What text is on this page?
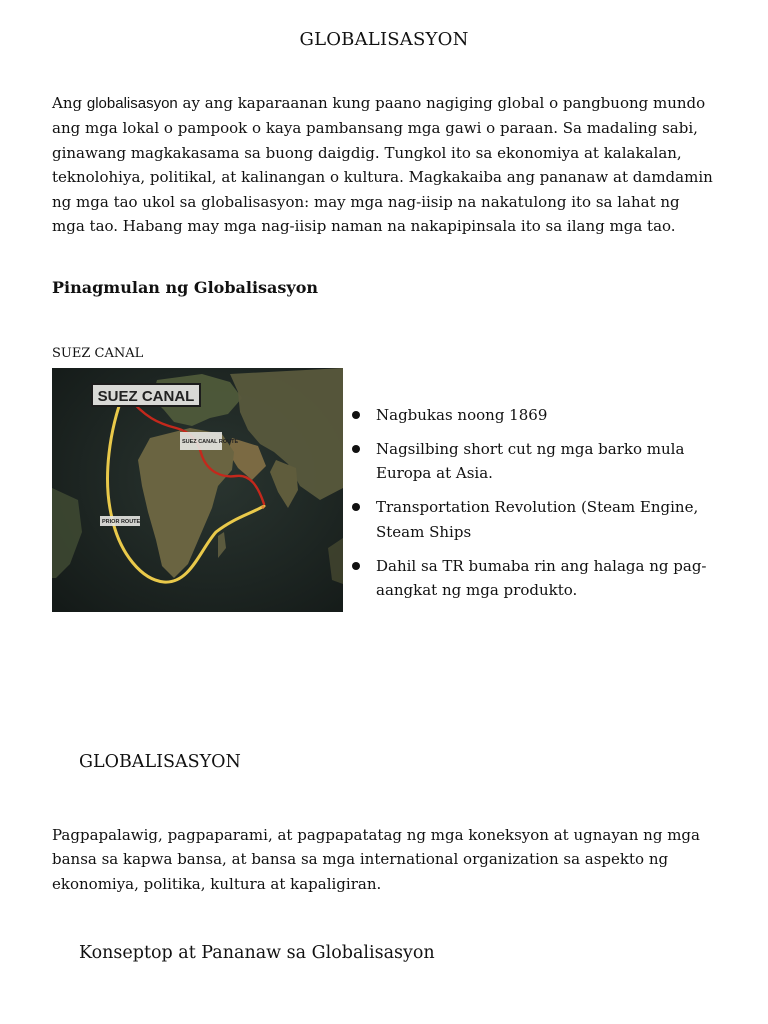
GLOBALISASYON

Ang globalisasyon ay ang kaparaanan kung paano nagiging global o pangbuong mundo ang mga lokal o pampook o kaya pambansang mga gawi o paraan. Sa madaling sabi, ginawang magkakasama sa buong daigdig. Tungkol ito sa ekonomiya at kalakalan, teknolohiya, politikal, at kalinangan o kultura. Magkakaiba ang pananaw at damdamin ng mga tao ukol sa globalisasyon: may mga nag-iisip na nakatulong ito sa lahat ng mga tao. Habang may mga nag-iisip naman na nakapipinsala ito sa ilang mga tao.

Pinagmulan ng Globalisasyon

SUEZ CANAL

SUEZ CANAL
SUEZ CANAL ROUTE
PRIOR ROUTE
Nagbukas noong 1869
Nagsilbing short cut ng mga barko mula Europa at Asia.
Transportation Revolution (Steam Engine, Steam Ships
Dahil sa TR bumaba rin ang halaga ng pag-aangkat ng mga produkto.
GLOBALISASYON

Pagpapalawig, pagpaparami, at pagpapatatag ng mga koneksyon at ugnayan ng mga bansa sa kapwa bansa, at bansa sa mga international organization sa aspekto ng ekonomiya, politika, kultura at kapaligiran.

Konseptop at Pananaw sa Globalisasyon
